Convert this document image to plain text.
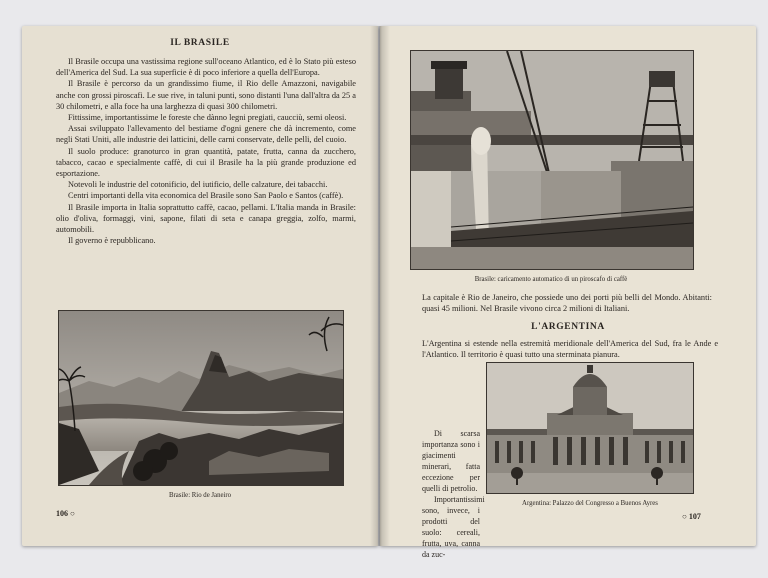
IL BRASILE

Il Brasile occupa una vastissima regione sull'oceano Atlantico, ed è lo Stato più esteso dell'America del Sud. La sua superficie è di poco inferiore a quella dell'Europa.

Il Brasile è percorso da un grandissimo fiume, il Rio delle Amazzoni, navigabile anche con grossi piroscafi. Le sue rive, in taluni punti, sono distanti l'una dall'altra da 25 a 30 chilometri, e alla foce ha una larghezza di quasi 300 chilometri.

Fittissime, importantissime le foreste che dànno legni pregiati, caucciù, semi oleosi.

Assai sviluppato l'allevamento del bestiame d'ogni genere che dà incremento, come negli Stati Uniti, alle industrie dei latticini, delle carni conservate, delle pelli, del cuoio.

Il suolo produce: granoturco in gran quantità, patate, frutta, canna da zucchero, tabacco, cacao e specialmente caffè, di cui il Brasile ha la più grande produzione ed esportazione.

Notevoli le industrie del cotonificio, del iutificio, delle calzature, dei tabacchi.

Centri importanti della vita economica del Brasile sono San Paolo e Santos (caffè).

Il Brasile importa in Italia soprattutto caffè, cacao, pellami. L'Italia manda in Brasile: olio d'oliva, formaggi, vini, sapone, filati di seta e canapa greggia, zolfo, marmi, automobili.

Il governo è repubblicano.

Brasile: Rio de Janeiro
106 ○
Brasile: caricamento automatico di un piroscafo di caffè

La capitale è Rio de Janeiro, che possiede uno dei porti più belli del Mondo. Abitanti: quasi 45 milioni. Nel Brasile vivono circa 2 milioni di Italiani.

L'ARGENTINA

L'Argentina si estende nella estremità meridionale dell'America del Sud, fra le Ande e l'Atlantico. Il territorio è quasi tutto una sterminata pianura.

Di scarsa importanza sono i giacimenti minerari, fatta eccezione per quelli di petrolio.

Importantissimi sono, invece, i prodotti del suolo: cereali, frutta, uva, canna da zuc-

Argentina: Palazzo del Congresso a Buenos Ayres
○ 107
